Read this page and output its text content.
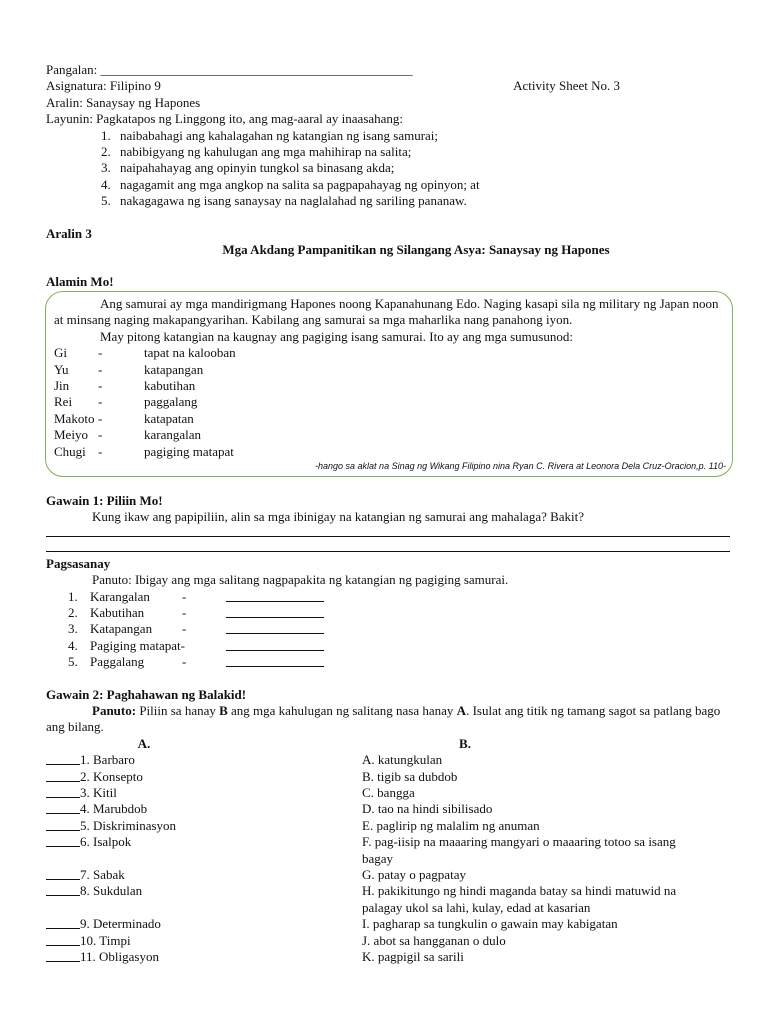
Pangalan: ________________________________________________
Asignatura: Filipino 9	Activity Sheet No. 3
Aralin: Sanaysay ng Hapones
Layunin: Pagkatapos ng Linggong ito, ang mag-aaral ay inaasahang:
1. naibabahagi ang kahalagahan ng katangian ng isang samurai;
2. nabibigyang ng kahulugan ang mga mahihirap na salita;
3. naipahahayag ang opinyin tungkol sa binasang akda;
4. nagagamit ang mga angkop na salita sa pagpapahayag ng opinyon; at
5. nakagagawa ng isang sanaysay na naglalahad ng sariling pananaw.
Aralin 3
Mga Akdang Pampanitikan ng Silangang Asya: Sanaysay ng Hapones
Alamin Mo!

Ang samurai ay mga mandirigmang Hapones noong Kapanahunang Edo. Naging kasapi sila ng military ng Japan noon at minsang naging makapangyarihan. Kabilang ang samurai sa mga maharlika nang panahong iyon.

May pitong katangian na kaugnay ang pagiging isang samurai. Ito ay ang mga sumusunod:

Gi	-	tapat na kalooban
Yu	-	katapangan
Jin	-	kabutihan
Rei	-	paggalang
Makoto -	katapatan
Meiyo -	karangalan
Chugi -	pagiging matapat
-hango sa aklat na Sinag ng Wikang Filipino nina Ryan C. Rivera at Leonora Dela Cruz-Oracion,p. 110-
Gawain 1: Piliin Mo!
Kung ikaw ang papipiliin, alin sa mga ibinigay na katangian ng samurai ang mahalaga? Bakit?
Pagsasanay
Panuto: Ibigay ang mga salitang nagpapakita ng katangian ng pagiging samurai.
1. Karangalan	-
2. Kabutihan	-
3. Katapangan	-
4. Pagiging matapat-
5. Paggalang	-
Gawain 2: Paghahawan ng Balakid!
Panuto: Piliin sa hanay B ang mga kahulugan ng salitang nasa hanay A. Isulat ang titik ng tamang sagot sa patlang bago ang bilang.
A.	B.
1. Barbaro	A. katungkulan
2. Konsepto	B. tigib sa dubdob
3. Kitil	C. bangga
4. Marubdob	D. tao na hindi sibilisado
5. Diskriminasyon	E. paglirip ng malalim ng anuman
6. Isalpok	F. pag-iisip na maaaring mangyari o maaaring totoo sa isang bagay
7. Sabak	G. patay o pagpatay
8. Sukdulan	H. pakikitungo ng hindi maganda batay sa hindi matuwid na palagay ukol sa lahi, kulay, edad at kasarian
9. Determinado	I. pagharap sa tungkulin o gawain may kabigatan
10. Timpi	J. abot sa hangganan o dulo
11. Obligasyon	K. pagpigil sa sarili
